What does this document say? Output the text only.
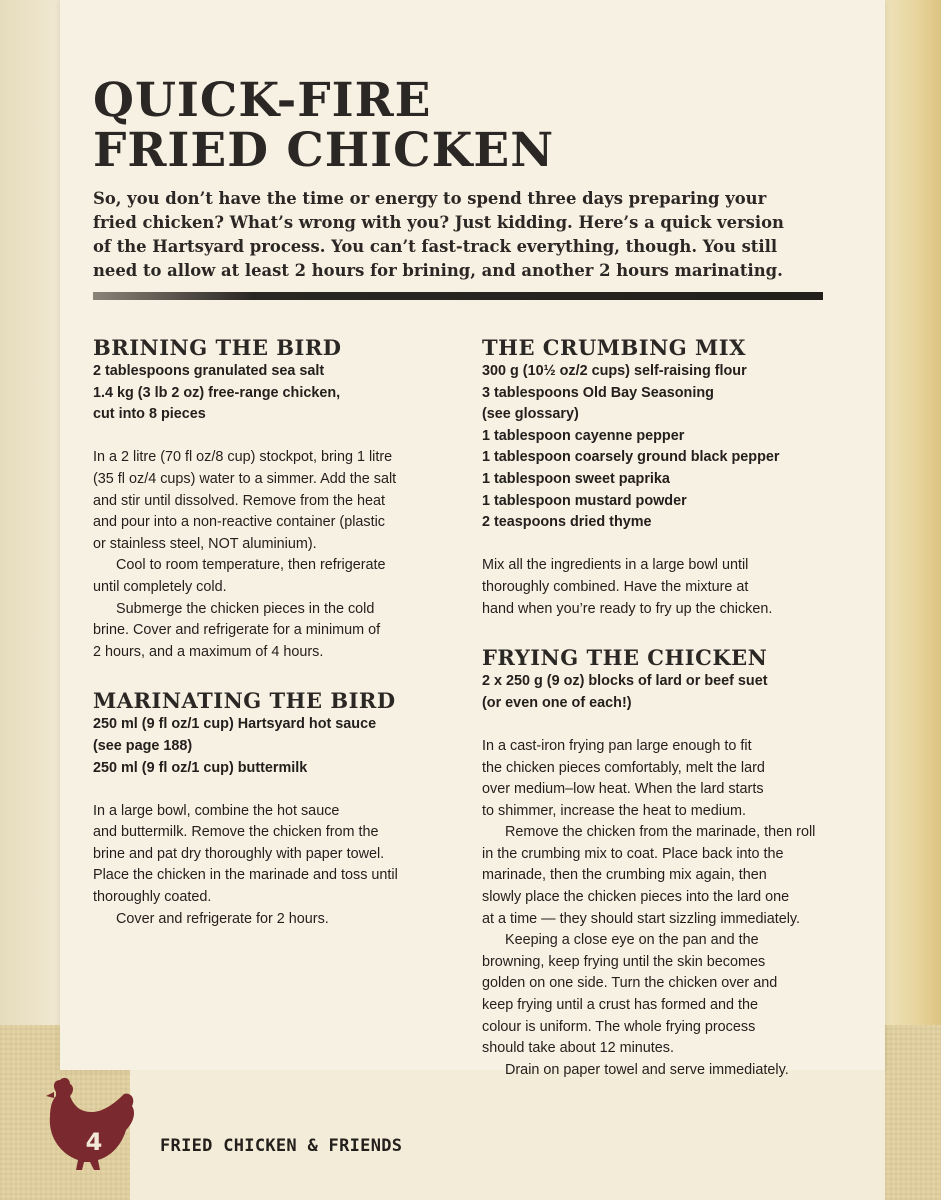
QUICK-FIRE
FRIED CHICKEN

So, you don’t have the time or energy to spend three days preparing your
fried chicken? What’s wrong with you? Just kidding. Here’s a quick version
of the Hartsyard process. You can’t fast-track everything, though. You still
need to allow at least 2 hours for brining, and another 2 hours marinating.

BRINING THE BIRD
2 tablespoons granulated sea salt
1.4 kg (3 lb 2 oz) free-range chicken,
cut into 8 pieces

In a 2 litre (70 fl oz/8 cup) stockpot, bring 1 litre
(35 fl oz/4 cups) water to a simmer. Add the salt
and stir until dissolved. Remove from the heat
and pour into a non-reactive container (plastic
or stainless steel, NOT aluminium).

Cool to room temperature, then refrigerate
until completely cold.

Submerge the chicken pieces in the cold
brine. Cover and refrigerate for a minimum of
2 hours, and a maximum of 4 hours.

MARINATING THE BIRD
250 ml (9 fl oz/1 cup) Hartsyard hot sauce
(see page 188)
250 ml (9 fl oz/1 cup) buttermilk

In a large bowl, combine the hot sauce
and buttermilk. Remove the chicken from the
brine and pat dry thoroughly with paper towel.
Place the chicken in the marinade and toss until
thoroughly coated.

Cover and refrigerate for 2 hours.

THE CRUMBING MIX
300 g (10½ oz/2 cups) self-raising flour
3 tablespoons Old Bay Seasoning
(see glossary)
1 tablespoon cayenne pepper
1 tablespoon coarsely ground black pepper
1 tablespoon sweet paprika
1 tablespoon mustard powder
2 teaspoons dried thyme

Mix all the ingredients in a large bowl until
thoroughly combined. Have the mixture at
hand when you’re ready to fry up the chicken.

FRYING THE CHICKEN
2 x 250 g (9 oz) blocks of lard or beef suet
(or even one of each!)

In a cast-iron frying pan large enough to fit
the chicken pieces comfortably, melt the lard
over medium–low heat. When the lard starts
to shimmer, increase the heat to medium.

Remove the chicken from the marinade, then roll
in the crumbing mix to coat. Place back into the
marinade, then the crumbing mix again, then
slowly place the chicken pieces into the lard one
at a time — they should start sizzling immediately.

Keeping a close eye on the pan and the
browning, keep frying until the skin becomes
golden on one side. Turn the chicken over and
keep frying until a crust has formed and the
colour is uniform. The whole frying process
should take about 12 minutes.

Drain on paper towel and serve immediately.

4	FRIED CHICKEN & FRIENDS
